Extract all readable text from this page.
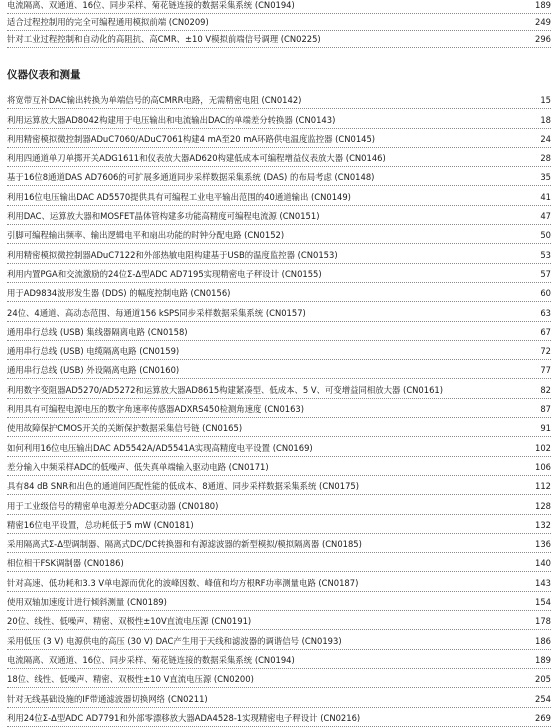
电流隔离、双通道、16位、同步采样、菊花链连接的数据采集系统 (CN0194)	189
适合过程控制用的完全可编程通用模拟前端 (CN0209)	249
针对工业过程控制和自动化的高阻抗、高CMR、±10 V模拟前端信号调理 (CN0225)	296
仪器仪表和测量
将宽带互补DAC输出转换为单端信号的高CMRR电路，无需精密电阻 (CN0142)	15
利用运算放大器AD8042构建用于电压输出和电流输出DAC的单端差分转换器 (CN0143)	18
利用精密模拟微控制器ADuC7060/ADuC7061构建4 mA至20 mA环路供电温度监控器 (CN0145)	24
利用四通道单刀单掷开关ADG1611和仪表放大器AD620构建低成本可编程增益仪表放大器 (CN0146)	28
基于16位8通道DAS AD7606的可扩展多通道同步采样数据采集系统 (DAS) 的布局考虑 (CN0148)	35
利用16位电压输出DAC AD5570提供具有可编程工业电平输出范围的40通道输出 (CN0149)	41
利用DAC、运算放大器和MOSFET晶体管构建多功能高精度可编程电流源 (CN0151)	47
引脚可编程输出频率、输出逻辑电平和扇出功能的时钟分配电路 (CN0152)	50
利用精密模拟微控制器ADuC7122和外部热敏电阻构建基于USB的温度监控器 (CN0153)	53
利用内置PGA和交流激励的24位Σ-Δ型ADC AD7195实现精密电子秤设计 (CN0155)	57
用于AD9834波形发生器 (DDS) 的幅度控制电路 (CN0156)	60
24位、4通道、高动态范围、每通道156 kSPS同步采样数据采集系统 (CN0157)	63
通用串行总线 (USB) 集线器隔离电路 (CN0158)	67
通用串行总线 (USB) 电缆隔离电路 (CN0159)	72
通用串行总线 (USB) 外设隔离电路 (CN0160)	77
利用数字变阻器AD5270/AD5272和运算放大器AD8615构建紧凑型、低成本、5 V、可变增益同相放大器 (CN0161)	82
利用具有可编程电源电压的数字角速率传感器ADXRS450检测角速度 (CN0163)	87
使用故障保护CMOS开关的关断保护数据采集信号链 (CN0165)	91
如何利用16位电压输出DAC AD5542A/AD5541A实现高精度电平设置 (CN0169)	102
差分输入中频采样ADC的低噪声、低失真单端输入驱动电路 (CN0171)	106
具有84 dB SNR和出色的通道间匹配性能的低成本、8通道、同步采样数据采集系统 (CN0175)	112
用于工业级信号的精密单电源差分ADC驱动器 (CN0180)	128
精密16位电平设置，总功耗低于5 mW (CN0181)	132
采用隔离式Σ-Δ型调制器、隔离式DC/DC转换器和有源滤波器的新型模拟/模拟隔离器 (CN0185)	136
相位相干FSK调制器 (CN0186)	140
针对高速、低功耗和3.3 V单电源而优化的波峰因数、峰值和均方根RF功率测量电路 (CN0187)	143
使用双轴加速度计进行倾斜测量 (CN0189)	154
20位、线性、低噪声、精密、双极性±10V直流电压源 (CN0191)	178
采用低压 (3 V) 电源供电的高压 (30 V) DAC产生用于天线和滤波器的调谐信号 (CN0193)	186
电流隔离、双通道、16位、同步采样、菊花链连接的数据采集系统 (CN0194)	189
18位、线性、低噪声、精密、双极性±10 V直流电压源 (CN0200)	205
针对无线基础设施的IF带通滤波器切换网络 (CN0211)	254
利用24位Σ-Δ型ADC AD7791和外部零漂移放大器ADA4528-1实现精密电子秤设计 (CN0216)	269
